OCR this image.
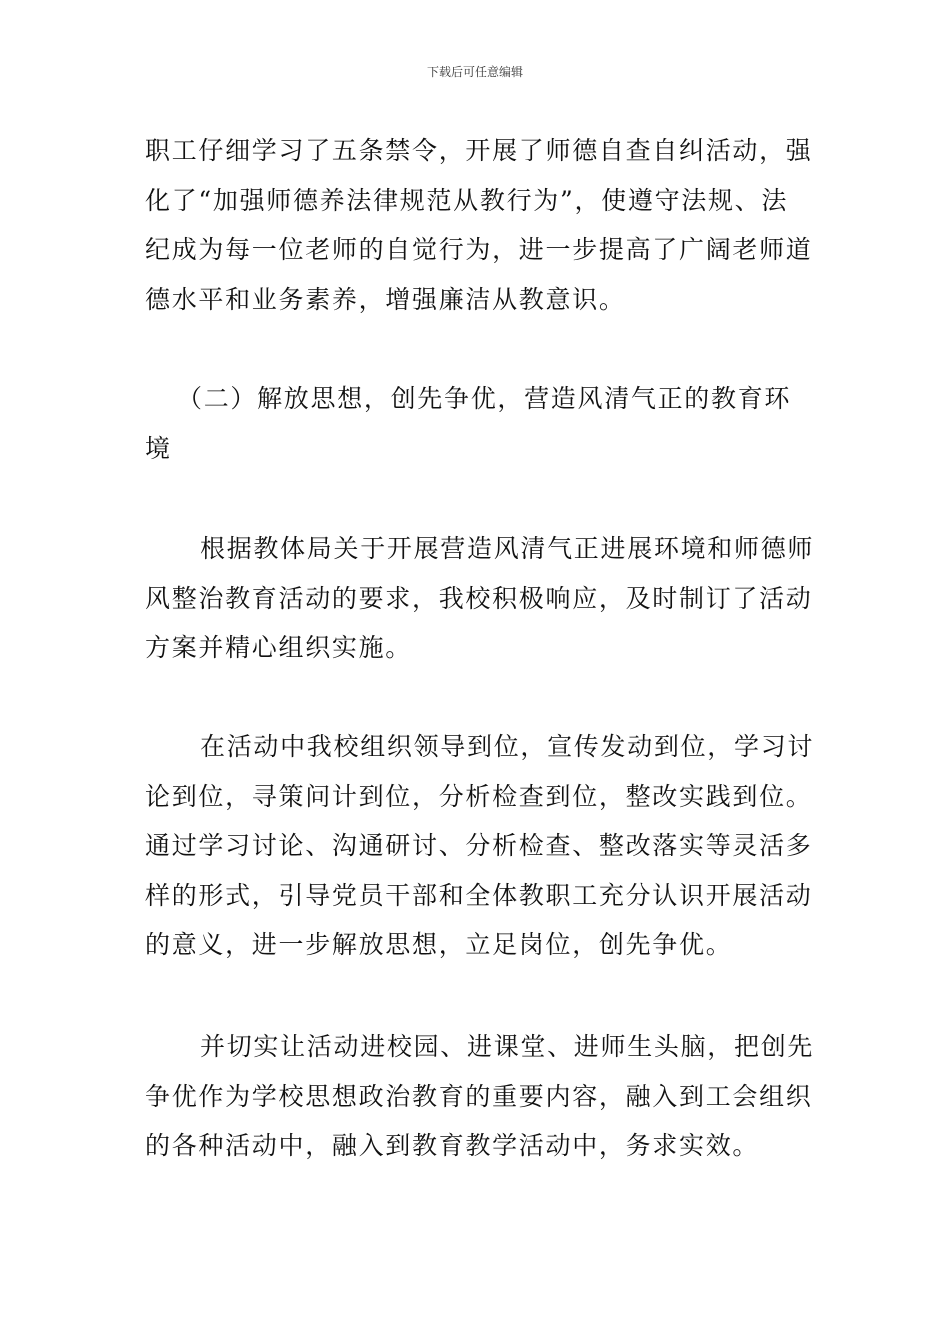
下载后可任意编辑
职工仔细学习了五条禁令，开展了师德自查自纠活动，强
化了“加强师德养法律规范从教行为”，使遵守法规、法
纪成为每一位老师的自觉行为，进一步提高了广阔老师道
德水平和业务素养，增强廉洁从教意识。
（二）解放思想，创先争优，营造风清气正的教育环
境
根据教体局关于开展营造风清气正进展环境和师德师
风整治教育活动的要求，我校积极响应，及时制订了活动
方案并精心组织实施。
在活动中我校组织领导到位，宣传发动到位，学习讨
论到位，寻策问计到位，分析检查到位，整改实践到位。
通过学习讨论、沟通研讨、分析检查、整改落实等灵活多
样的形式，引导党员干部和全体教职工充分认识开展活动
的意义，进一步解放思想，立足岗位，创先争优。
并切实让活动进校园、进课堂、进师生头脑，把创先
争优作为学校思想政治教育的重要内容，融入到工会组织
的各种活动中，融入到教育教学活动中，务求实效。
